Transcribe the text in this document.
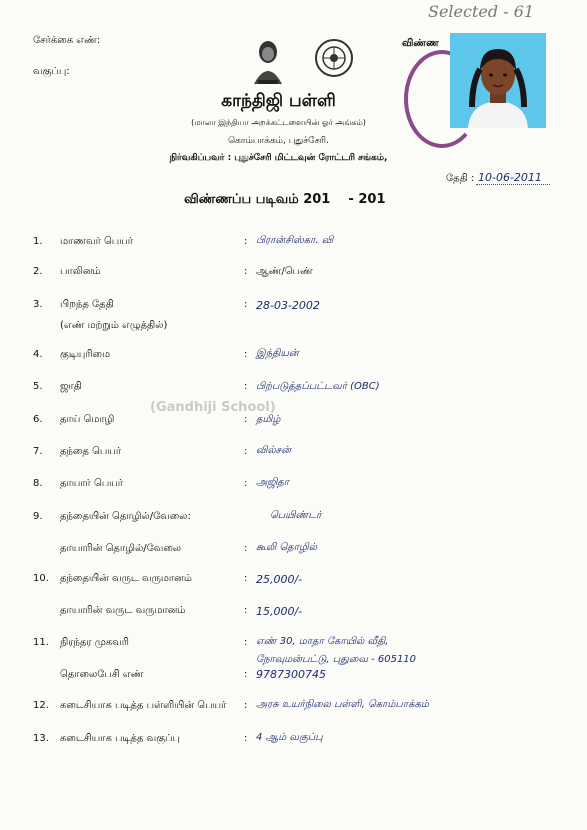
Selected - 61
சேர்க்கை எண்:
வகுப்பு:
விண்ண
காந்திஜி பள்ளி
(மாலா இந்தியா அறக்கட்டளையின் ஓர் அங்கம்)
கொம்பாக்கம், புதுச்சேரி.
நிர்வகிப்பவர் : புதுச்சேரி மிட்டவுன் ரோட்டரி சங்கம்,
தேதி : 10-06-2011
விண்ணப்ப படிவம் 201    - 201
(Gandhiji School)
1. மாணவர் பெயர்	: பிரான்சிஸ்கா. வி
2. பாலினம்	: ஆண்/பெண்
3. பிறந்த தேதி
(எண் மற்றும் எழுத்தில்)
: 28-03-2002
4. குடியுரிமை	: இந்தியன்
5. ஜாதி	: பிற்படுத்தப்பட்டவர் (OBC)
6. தாய் மொழி	: தமிழ்
7. தந்தை பெயர்	: வில்சன்
8. தாயார் பெயர்	: அஜிதா
9. தந்தையின் தொழில்/வேலை:	பெயிண்டர்
தாயாரின் தொழில்/வேலை	: கூலி தொழில்
10. தந்தையின் வருட வருமானம்	: 25,000/-
தாயாரின் வருட வருமானம்	: 15,000/-
11. நிரந்தர முகவரி	: எண் 30, மாதா கோயில் வீதி,
நோவுமன்பட்டு, புதுவை - 605110
தொலைபேசி எண்	: 9787300745
12. கடைசியாக படித்த பள்ளியின் பெயர் : அரசு உயர்நிலை பள்ளி, கொம்பாக்கம்
13. கடைசியாக படித்த வகுப்பு	: 4 ஆம் வகுப்பு
